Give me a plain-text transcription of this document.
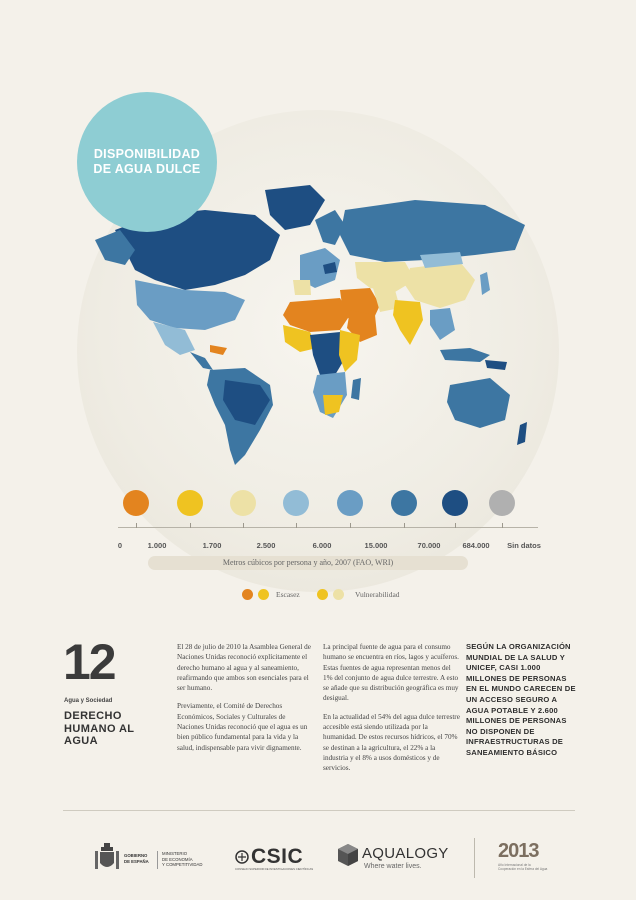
DISPONIBILIDAD DE AGUA DULCE
0	1.000	1.700	2.500	6.000	15.000	70.000	684.000 Sin datos
Metros cúbicos por persona y año, 2007 (FAO, WRI)
Escasez	Vulnerabilidad
12
Agua y Sociedad
DERECHO HUMANO AL AGUA

El 28 de julio de 2010 la Asamblea General de Naciones Unidas reconoció explícitamente el derecho humano al agua y al saneamiento, reafirmando que ambos son esenciales para el ser humano.

Previamente, el Comité de Derechos Económicos, Sociales y Culturales de Naciones Unidas reconoció que el agua es un bien público fundamental para la vida y la salud, indispensable para vivir dignamente.

La principal fuente de agua para el consumo humano se encuentra en ríos, lagos y acuíferos. Estas fuentes de agua representan menos del 1% del conjunto de agua dulce terrestre. A esto se añade que su distribución geográfica es muy desigual.

En la actualidad el 54% del agua dulce terrestre accesible está siendo utilizada por la humanidad. De estos recursos hídricos, el 70% se destinan a la agricultura, el 22% a la industria y el 8% a usos domésticos y de servicios.

SEGÚN LA ORGANIZACIÓN MUNDIAL DE LA SALUD Y UNICEF, CASI 1.000 MILLONES DE PERSONAS EN EL MUNDO CARECEN DE UN ACCESO SEGURO A AGUA POTABLE Y 2.600 MILLONES DE PERSONAS NO DISPONEN DE INFRAESTRUCTURAS DE SANEAMIENTO BÁSICO
GOBIERNO
DE ESPAÑA
MINISTERIO
DE ECONOMÍA
Y COMPETITIVIDAD CSIC
CONSEJO SUPERIOR DE INVESTIGACIONES CIENTÍFICAS
AQUALOGY
Where water lives.
2013
Año Internacional de la Cooperación en la Esfera del Agua
